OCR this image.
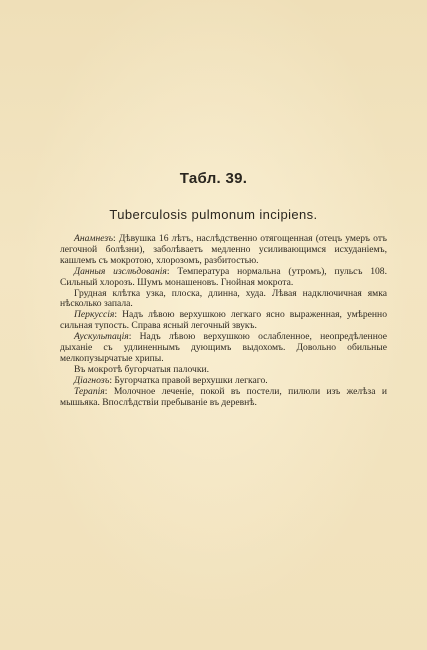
Табл. 39.
Tuberculosis pulmonum incipiens.

Анамнезъ: Дѣвушка 16 лѣтъ, наслѣдственно отягощенная (отецъ умеръ отъ легочной болѣзни), заболѣваетъ медленно усиливающимся исхуданіемъ, кашлемъ съ мокротою, хлорозомъ, разбитостью.

Данныя изслѣдованія: Температура нормальна (утромъ), пульсъ 108. Сильный хлорозъ. Шумъ монашеновъ. Гнойная мокрота.

Грудная клѣтка узка, плоска, длинна, худа. Лѣвая надключичная ямка нѣсколько запала.

Перкуссія: Надъ лѣвою верхушкою легкаго ясно выраженная, умѣренно сильная тупость. Справа ясный легочный звукъ.

Аускультація: Надъ лѣвою верхушкою ослабленное, неопредѣленное дыханіе съ удлиненнымъ дующимъ выдохомъ. Довольно обильные мелкопузырчатые хрипы.

Въ мокротѣ бугорчатыя палочки.

Діагнозъ: Бугорчатка правой верхушки легкаго.

Терапія: Молочное леченіе, покой въ постели, пилюли изъ желѣза и мышьяка. Впослѣдствіи пребываніе въ деревнѣ.
